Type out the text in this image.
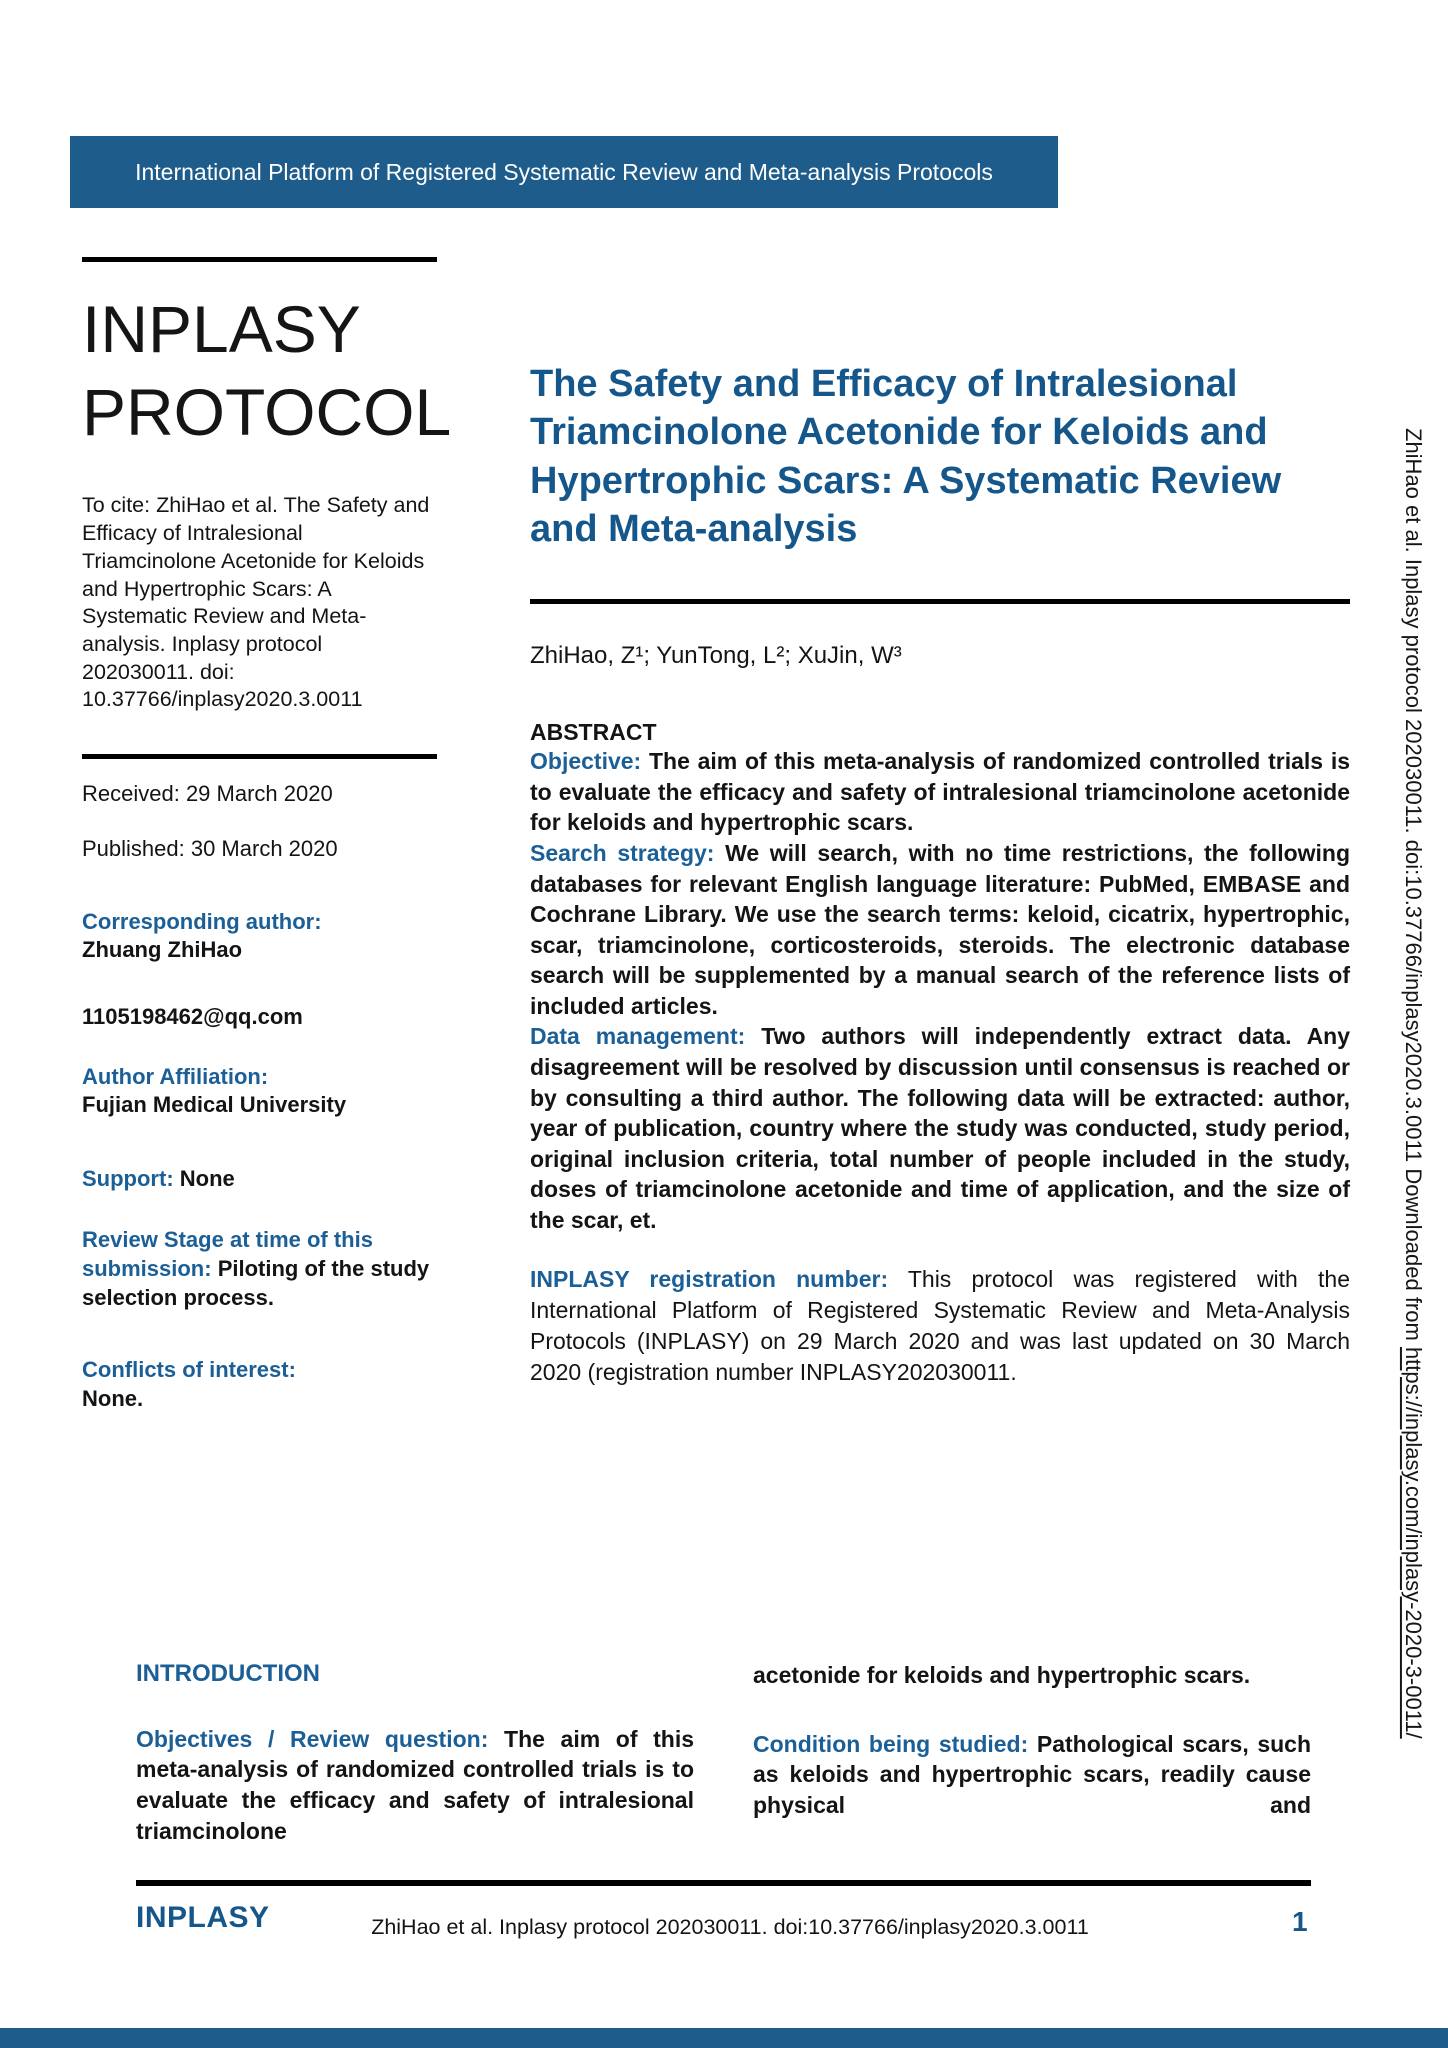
International Platform of Registered Systematic Review and Meta-analysis Protocols
INPLASY
PROTOCOL

To cite: ZhiHao et al. The Safety and Efficacy of Intralesional Triamcinolone Acetonide for Keloids and Hypertrophic Scars: A Systematic Review and Meta-analysis. Inplasy protocol 202030011. doi: 10.37766/inplasy2020.3.0011

Received: 29 March 2020

Published: 30 March 2020

Corresponding author:
Zhuang ZhiHao

1105198462@qq.com

Author Affiliation:
Fujian Medical University

Support: None

Review Stage at time of this submission: Piloting of the study selection process.

Conflicts of interest:
None.
The Safety and Efficacy of Intralesional Triamcinolone Acetonide for Keloids and Hypertrophic Scars: A Systematic Review and Meta-analysis

ZhiHao, Z¹; YunTong, L²; XuJin, W³

ABSTRACT

Objective: The aim of this meta-analysis of randomized controlled trials is to evaluate the efficacy and safety of intralesional triamcinolone acetonide for keloids and hypertrophic scars.

Search strategy: We will search, with no time restrictions, the following databases for relevant English language literature: PubMed, EMBASE and Cochrane Library. We use the search terms: keloid, cicatrix, hypertrophic, scar, triamcinolone, corticosteroids, steroids. The electronic database search will be supplemented by a manual search of the reference lists of included articles.

Data management: Two authors will independently extract data. Any disagreement will be resolved by discussion until consensus is reached or by consulting a third author. The following data will be extracted: author, year of publication, country where the study was conducted, study period, original inclusion criteria, total number of people included in the study, doses of triamcinolone acetonide and time of application, and the size of the scar, et.

INPLASY registration number: This protocol was registered with the International Platform of Registered Systematic Review and Meta-Analysis Protocols (INPLASY) on 29 March 2020 and was last updated on 30 March 2020 (registration number INPLASY202030011.

INTRODUCTION

Objectives / Review question: The aim of this meta-analysis of randomized controlled trials is to evaluate the efficacy and safety of intralesional triamcinolone

acetonide for keloids and hypertrophic scars.

Condition being studied: Pathological scars, such as keloids and hypertrophic scars, readily cause physical and

INPLASY	ZhiHao et al. Inplasy protocol 202030011. doi:10.37766/inplasy2020.3.0011	1
ZhiHao et al. Inplasy protocol 202030011. doi:10.37766/inplasy2020.3.0011 Downloaded from https://inplasy.com/inplasy-2020-3-0011/
